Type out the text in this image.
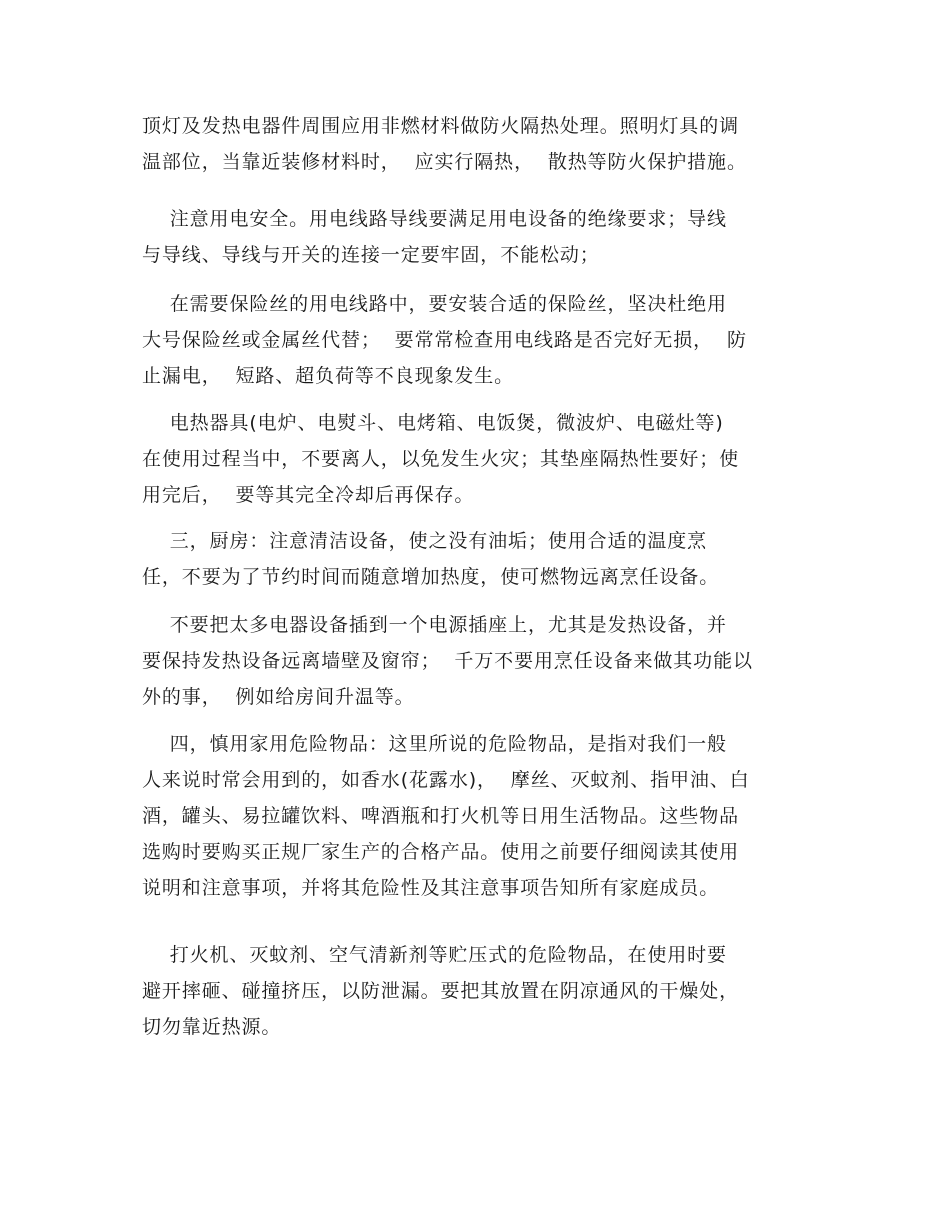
顶灯及发热电器件周围应用非燃材料做防火隔热处理。照明灯具的调
温部位，当靠近装修材料时，  应实行隔热，  散热等防火保护措施。
注意用电安全。用电线路导线要满足用电设备的绝缘要求；导线
与导线、导线与开关的连接一定要牢固，不能松动；
在需要保险丝的用电线路中，要安装合适的保险丝，坚决杜绝用
大号保险丝或金属丝代替；  要常常检查用电线路是否完好无损，  防
止漏电，  短路、超负荷等不良现象发生。
电热器具(电炉、电熨斗、电烤箱、电饭煲，微波炉、电磁灶等)
在使用过程当中，不要离人，以免发生火灾；其垫座隔热性要好；使
用完后，  要等其完全冷却后再保存。
三，厨房：注意清洁设备，使之没有油垢；使用合适的温度烹
任，不要为了节约时间而随意增加热度，使可燃物远离烹任设备。
不要把太多电器设备插到一个电源插座上，尤其是发热设备，并
要保持发热设备远离墙壁及窗帘；  千万不要用烹任设备来做其功能以
外的事，  例如给房间升温等。
四，慎用家用危险物品：这里所说的危险物品，是指对我们一般
人来说时常会用到的，如香水(花露水)，  摩丝、灭蚊剂、指甲油、白
酒，罐头、易拉罐饮料、啤酒瓶和打火机等日用生活物品。这些物品
选购时要购买正规厂家生产的合格产品。使用之前要仔细阅读其使用
说明和注意事项，并将其危险性及其注意事项告知所有家庭成员。
打火机、灭蚊剂、空气清新剂等贮压式的危险物品，在使用时要
避开摔砸、碰撞挤压，以防泄漏。要把其放置在阴凉通风的干燥处，
切勿靠近热源。
